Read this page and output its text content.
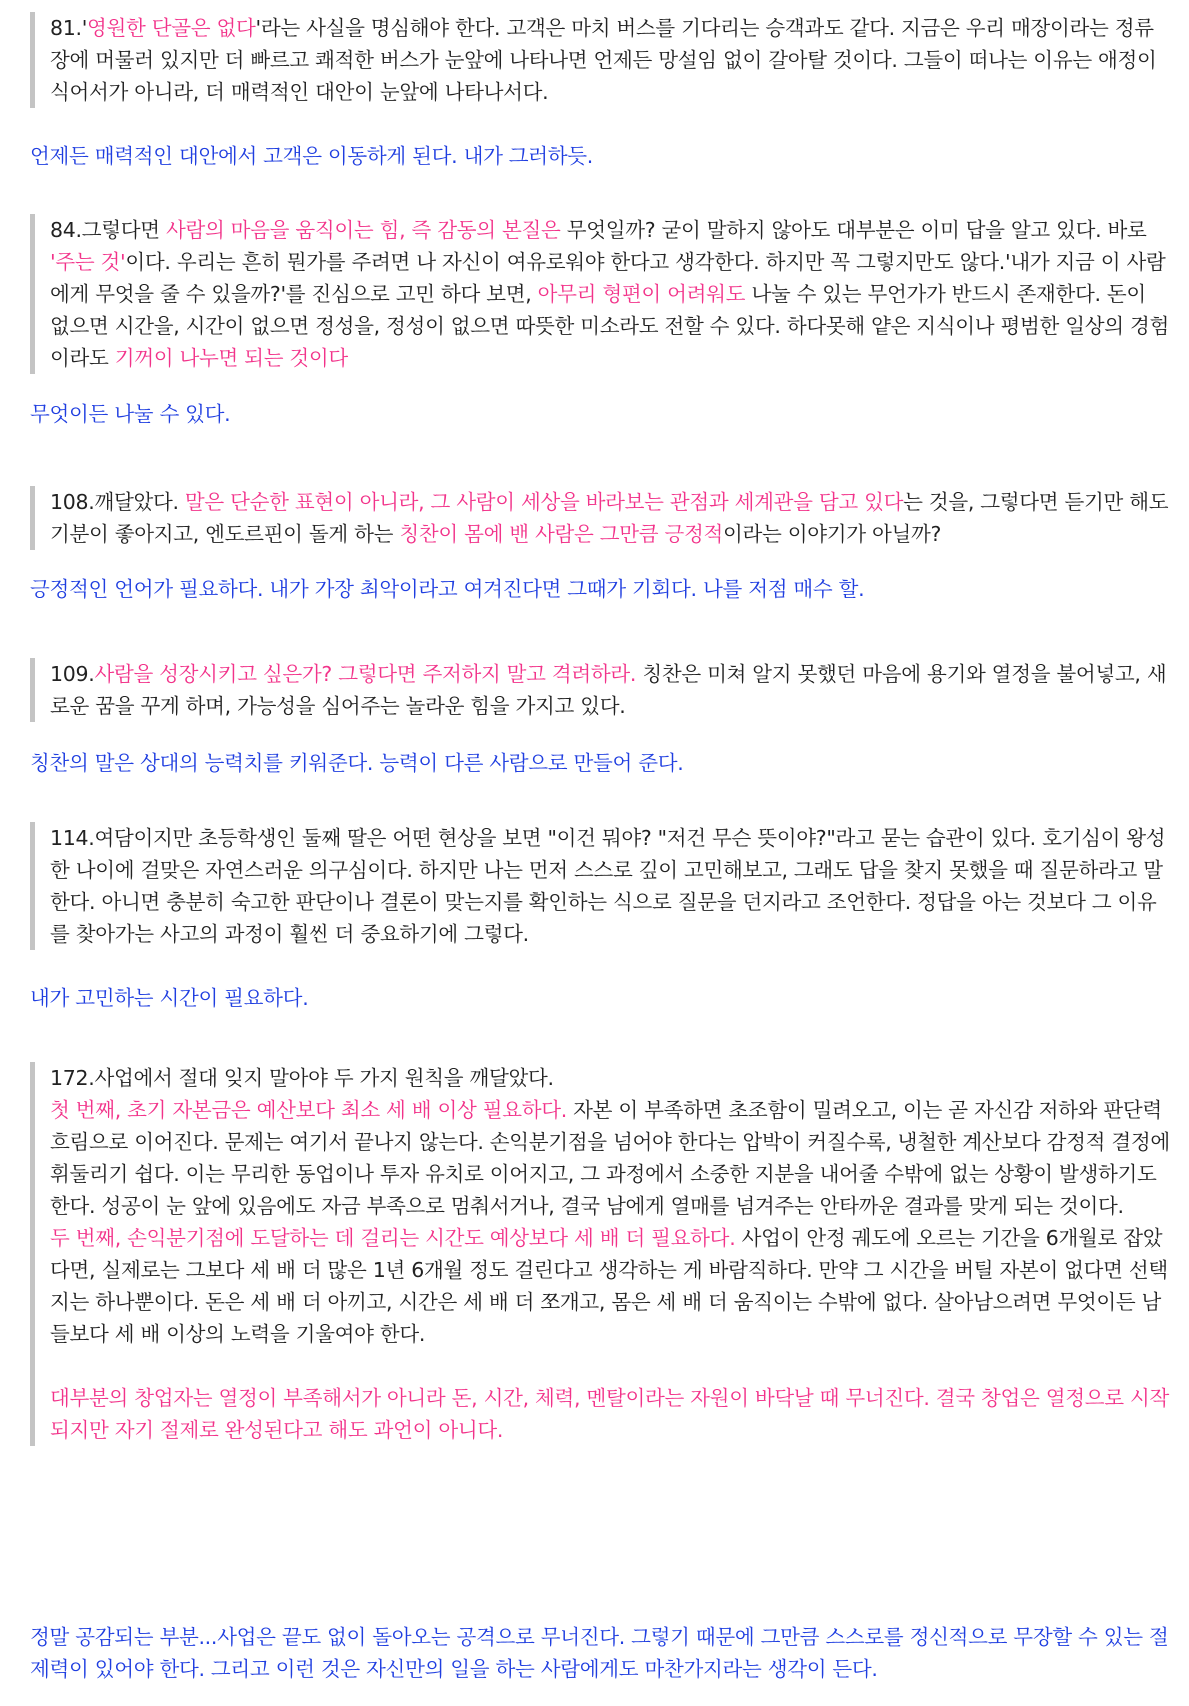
81.'영원한 단골은 없다'라는 사실을 명심해야 한다. 고객은 마치 버스를 기다리는 승객과도 같다. 지금은 우리 매장이라는 정류장에 머물러 있지만 더 빠르고 쾌적한 버스가 눈앞에 나타나면 언제든 망설임 없이 갈아탈 것이다. 그들이 떠나는 이유는 애정이 식어서가 아니라, 더 매력적인 대안이 눈앞에 나타나서다.

언제든 매력적인 대안에서 고객은 이동하게 된다. 내가 그러하듯.

84.그렇다면 사람의 마음을 움직이는 힘, 즉 감동의 본질은 무엇일까? 굳이 말하지 않아도 대부분은 이미 답을 알고 있다. 바로 '주는 것'이다. 우리는 흔히 뭔가를 주려면 나 자신이 여유로워야 한다고 생각한다. 하지만 꼭 그렇지만도 않다.'내가 지금 이 사람에게 무엇을 줄 수 있을까?'를 진심으로 고민 하다 보면, 아무리 형편이 어려워도 나눌 수 있는 무언가가 반드시 존재한다. 돈이 없으면 시간을, 시간이 없으면 정성을, 정성이 없으면 따뜻한 미소라도 전할 수 있다. 하다못해 얕은 지식이나 평범한 일상의 경험이라도 기꺼이 나누면 되는 것이다

무엇이든 나눌 수 있다.

108.깨달았다. 말은 단순한 표현이 아니라, 그 사람이 세상을 바라보는 관점과 세계관을 담고 있다는 것을, 그렇다면 듣기만 해도 기분이 좋아지고, 엔도르핀이 돌게 하는 칭찬이 몸에 밴 사람은 그만큼 긍정적이라는 이야기가 아닐까?

긍정적인 언어가 필요하다. 내가 가장 최악이라고 여겨진다면 그때가 기회다. 나를 저점 매수 할.

109.사람을 성장시키고 싶은가? 그렇다면 주저하지 말고 격려하라. 칭찬은 미쳐 알지 못했던 마음에 용기와 열정을 불어넣고, 새로운 꿈을 꾸게 하며, 가능성을 심어주는 놀라운 힘을 가지고 있다.

칭찬의 말은 상대의 능력치를 키워준다. 능력이 다른 사람으로 만들어 준다.

114.여담이지만 초등학생인 둘째 딸은 어떤 현상을 보면 "이건 뭐야? "저건 무슨 뜻이야?"라고 묻는 습관이 있다. 호기심이 왕성한 나이에 걸맞은 자연스러운 의구심이다. 하지만 나는 먼저 스스로 깊이 고민해보고, 그래도 답을 찾지 못했을 때 질문하라고 말한다. 아니면 충분히 숙고한 판단이나 결론이 맞는지를 확인하는 식으로 질문을 던지라고 조언한다. 정답을 아는 것보다 그 이유를 찾아가는 사고의 과정이 훨씬 더 중요하기에 그렇다.

내가 고민하는 시간이 필요하다.

172.사업에서 절대 잊지 말아야 두 가지 원칙을 깨달았다.

첫 번째, 초기 자본금은 예산보다 최소 세 배 이상 필요하다. 자본 이 부족하면 초조함이 밀려오고, 이는 곧 자신감 저하와 판단력 흐림으로 이어진다. 문제는 여기서 끝나지 않는다. 손익분기점을 넘어야 한다는 압박이 커질수록, 냉철한 계산보다 감정적 결정에 휘둘리기 쉽다. 이는 무리한 동업이나 투자 유치로 이어지고, 그 과정에서 소중한 지분을 내어줄 수밖에 없는 상황이 발생하기도 한다. 성공이 눈 앞에 있음에도 자금 부족으로 멈춰서거나, 결국 남에게 열매를 넘겨주는 안타까운 결과를 맞게 되는 것이다.

두 번째, 손익분기점에 도달하는 데 걸리는 시간도 예상보다 세 배 더 필요하다. 사업이 안정 궤도에 오르는 기간을 6개월로 잡았다면, 실제로는 그보다 세 배 더 많은 1년 6개월 정도 걸린다고 생각하는 게 바람직하다. 만약 그 시간을 버틸 자본이 없다면 선택지는 하나뿐이다. 돈은 세 배 더 아끼고, 시간은 세 배 더 쪼개고, 몸은 세 배 더 움직이는 수밖에 없다. 살아남으려면 무엇이든 남들보다 세 배 이상의 노력을 기울여야 한다.

대부분의 창업자는 열정이 부족해서가 아니라 돈, 시간, 체력, 멘탈이라는 자원이 바닥날 때 무너진다. 결국 창업은 열정으로 시작되지만 자기 절제로 완성된다고 해도 과언이 아니다.

정말 공감되는 부분...사업은 끝도 없이 돌아오는 공격으로 무너진다. 그렇기 때문에 그만큼 스스로를 정신적으로 무장할 수 있는 절제력이 있어야 한다. 그리고 이런 것은 자신만의 일을 하는 사람에게도 마찬가지라는 생각이 든다.
